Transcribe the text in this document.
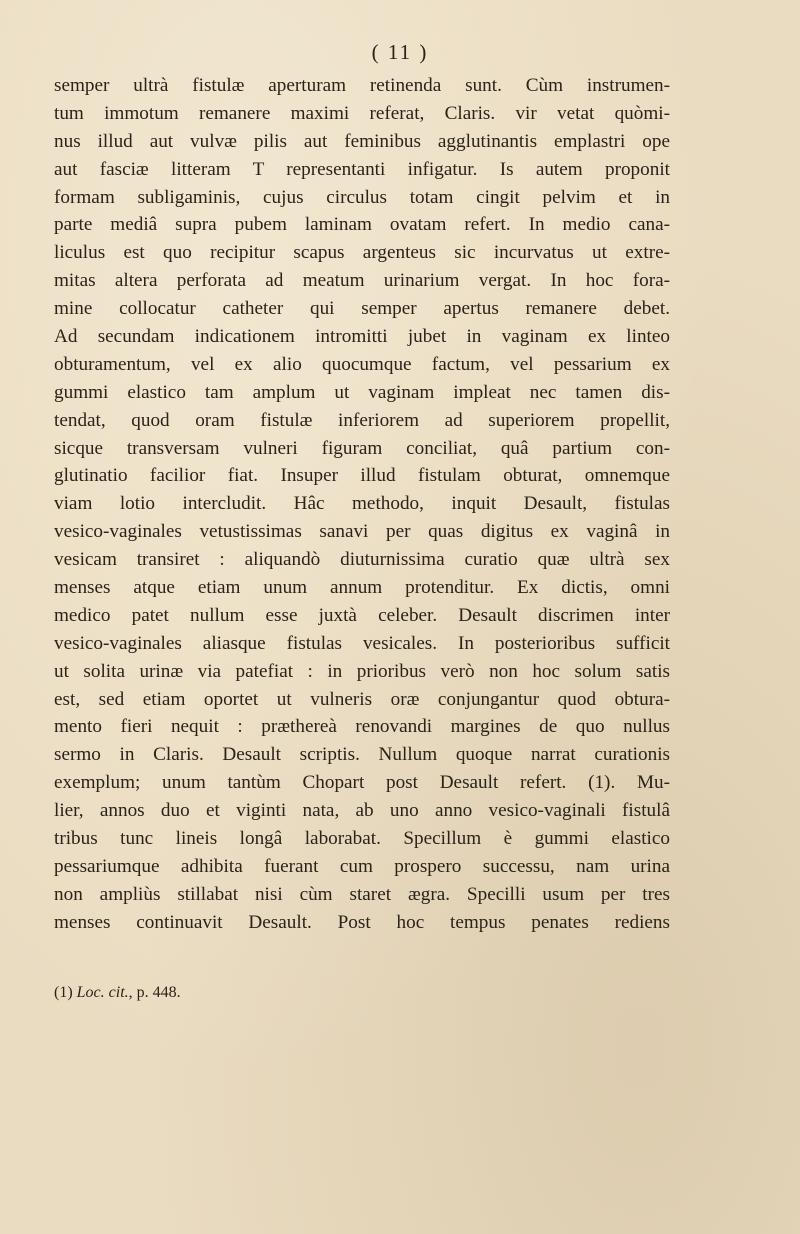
( 11 )
semper ultrà fistulæ aperturam retinenda sunt. Cùm instrumen-
tum immotum remanere maximi referat, Claris. vir vetat quòmi-
nus illud aut vulvæ pilis aut feminibus agglutinantis emplastri ope
aut fasciæ litteram T representanti infigatur. Is autem proponit
formam subligaminis, cujus circulus totam cingit pelvim et in
parte mediâ supra pubem laminam ovatam refert. In medio cana-
liculus est quo recipitur scapus argenteus sic incurvatus ut extre-
mitas altera perforata ad meatum urinarium vergat. In hoc fora-
mine collocatur catheter qui semper apertus remanere debet.
Ad secundam indicationem intromitti jubet in vaginam ex linteo
obturamentum, vel ex alio quocumque factum, vel pessarium ex
gummi elastico tam amplum ut vaginam impleat nec tamen dis-
tendat, quod oram fistulæ inferiorem ad superiorem propellit,
sicque transversam vulneri figuram conciliat, quâ partium con-
glutinatio facilior fiat. Insuper illud fistulam obturat, omnemque
viam lotio intercludit. Hâc methodo, inquit Desault, fistulas
vesico-vaginales vetustissimas sanavi per quas digitus ex vaginâ in
vesicam transiret : aliquandò diuturnissima curatio quæ ultrà sex
menses atque etiam unum annum protenditur. Ex dictis, omni
medico patet nullum esse juxtà celeber. Desault discrimen inter
vesico-vaginales aliasque fistulas vesicales. In posterioribus sufficit
ut solita urinæ via patefiat : in prioribus verò non hoc solum satis
est, sed etiam oportet ut vulneris oræ conjungantur quod obtura-
mento fieri nequit : præthereà renovandi margines de quo nullus
sermo in Claris. Desault scriptis. Nullum quoque narrat curationis
exemplum; unum tantùm Chopart post Desault refert. (1). Mu-
lier, annos duo et viginti nata, ab uno anno vesico-vaginali fistulâ
tribus tunc lineis longâ laborabat. Specillum è gummi elastico
pessariumque adhibita fuerant cum prospero successu, nam urina
non ampliùs stillabat nisi cùm staret ægra. Specilli usum per tres
menses continuavit Desault. Post hoc tempus penates rediens
(1) Loc. cit., p. 448.
